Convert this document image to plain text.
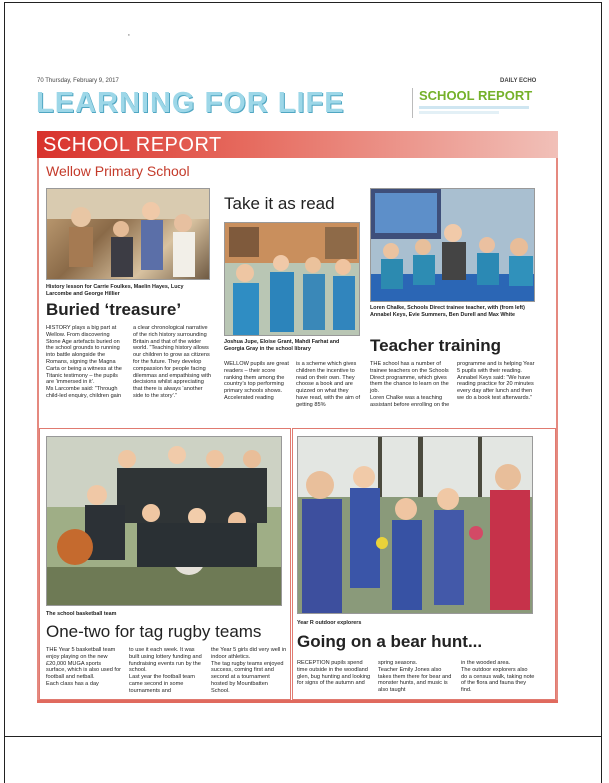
‚
70 Thursday, February 9, 2017	DAILY ECHO
LEARNING FOR LIFE	SCHOOL REPORT
SCHOOL REPORT
Wellow Primary School
History lesson for Carrie Foulkes, Maelin Hayes, Lucy Larcombe and George Hillier
Buried ‘treasure’
HISTORY plays a big part at Wellow. From discovering Stone Age artefacts buried on the school grounds to running into battle alongside the Romans, signing the Magna Carta or being a witness at the Titanic testimony – the pupils are ‘immersed in it’.
Ms Larcombe said: “Through child-led enquiry, children gain
a clear chronological narrative of the rich history surrounding Britain and that of the wider world. “Teaching history allows our children to grow as citizens for the future. They develop compassion for people facing dilemmas and empathising with decisions whilst appreciating that there is always ‘another side to the story’.”
Take it as read
Joshua Jupe, Eloise Grant, Mahdi Farhat and Georgia Gray in the school library
WELLOW pupils are great readers – their score ranking them among the country’s top performing primary schools shows.
Accelerated reading
is a scheme which gives children the incentive to read on their own. They choose a book and are quizzed on what they have read, with the aim of getting 85%
Loren Chalke, Schools Direct trainee teacher, with (from left) Annabel Keys, Evie Summers, Ben Durell and Max White
Teacher training
THE school has a number of trainee teachers on the Schools Direct programme, which gives them the chance to learn on the job.
Loren Chalke was a teaching assistant before enrolling on the
programme and is helping Year 5 pupils with their reading.
Annabel Keys said: “We have reading practice for 20 minutes every day after lunch and then we do a book test afterwards.”
The school basketball team
One-two for tag rugby teams
THE Year 5 basketball team enjoy playing on the new £20,000 MUGA sports surface, which is also used for football and netball.
Each class has a day
to use it each week. It was built using lottery funding and fundraising events run by the school.
Last year the football team came second in some tournaments and
the Year 5 girls did very well in indoor athletics.
The tag rugby teams enjoyed success, coming first and second at a tournament hosted by Mountbatten School.
Year R outdoor explorers
Going on a bear hunt...
RECEPTION pupils spend time outside in the woodland glen, bug hunting and looking for signs of the autumn and
spring seasons.
Teacher Emily Jones also takes them there for bear and monster hunts, and music is also taught
in the wooded area.
The outdoor explorers also do a census walk, taking note of the flora and fauna they find.
